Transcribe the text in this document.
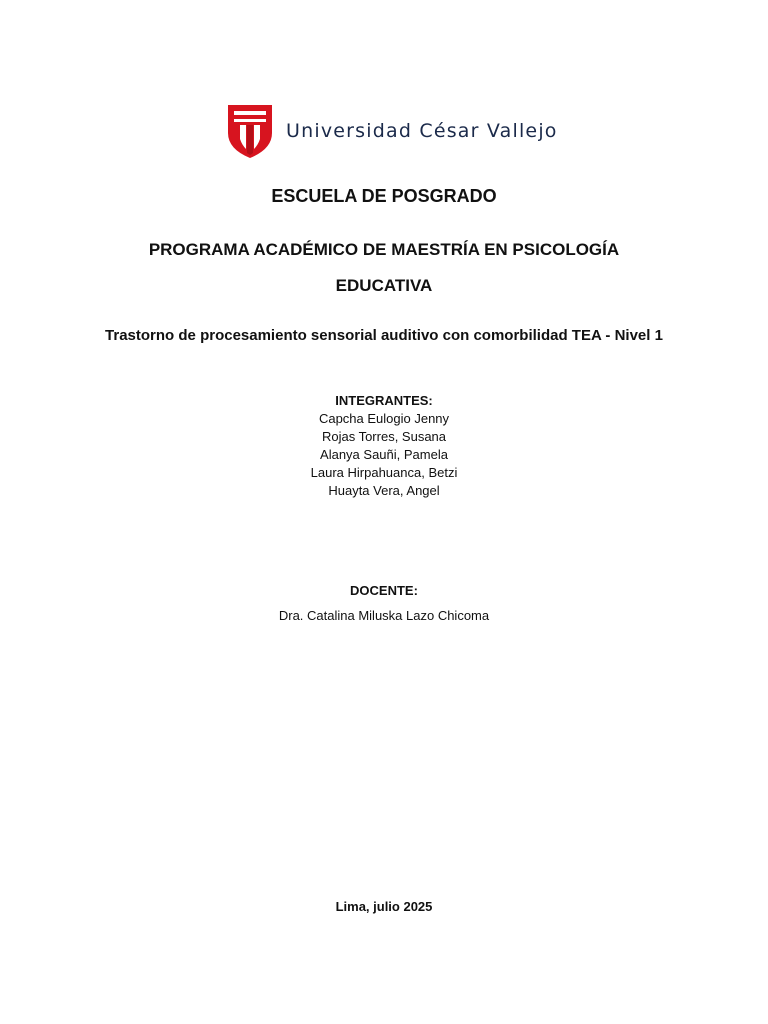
Universidad César Vallejo
ESCUELA DE POSGRADO
PROGRAMA ACADÉMICO DE MAESTRÍA EN PSICOLOGÍA
EDUCATIVA
Trastorno de procesamiento sensorial auditivo con comorbilidad TEA - Nivel 1
INTEGRANTES:
Capcha Eulogio Jenny
Rojas Torres, Susana
Alanya Sauñi, Pamela
Laura Hirpahuanca, Betzi
Huayta Vera, Angel
DOCENTE:
Dra. Catalina Miluska Lazo Chicoma
Lima, julio 2025
